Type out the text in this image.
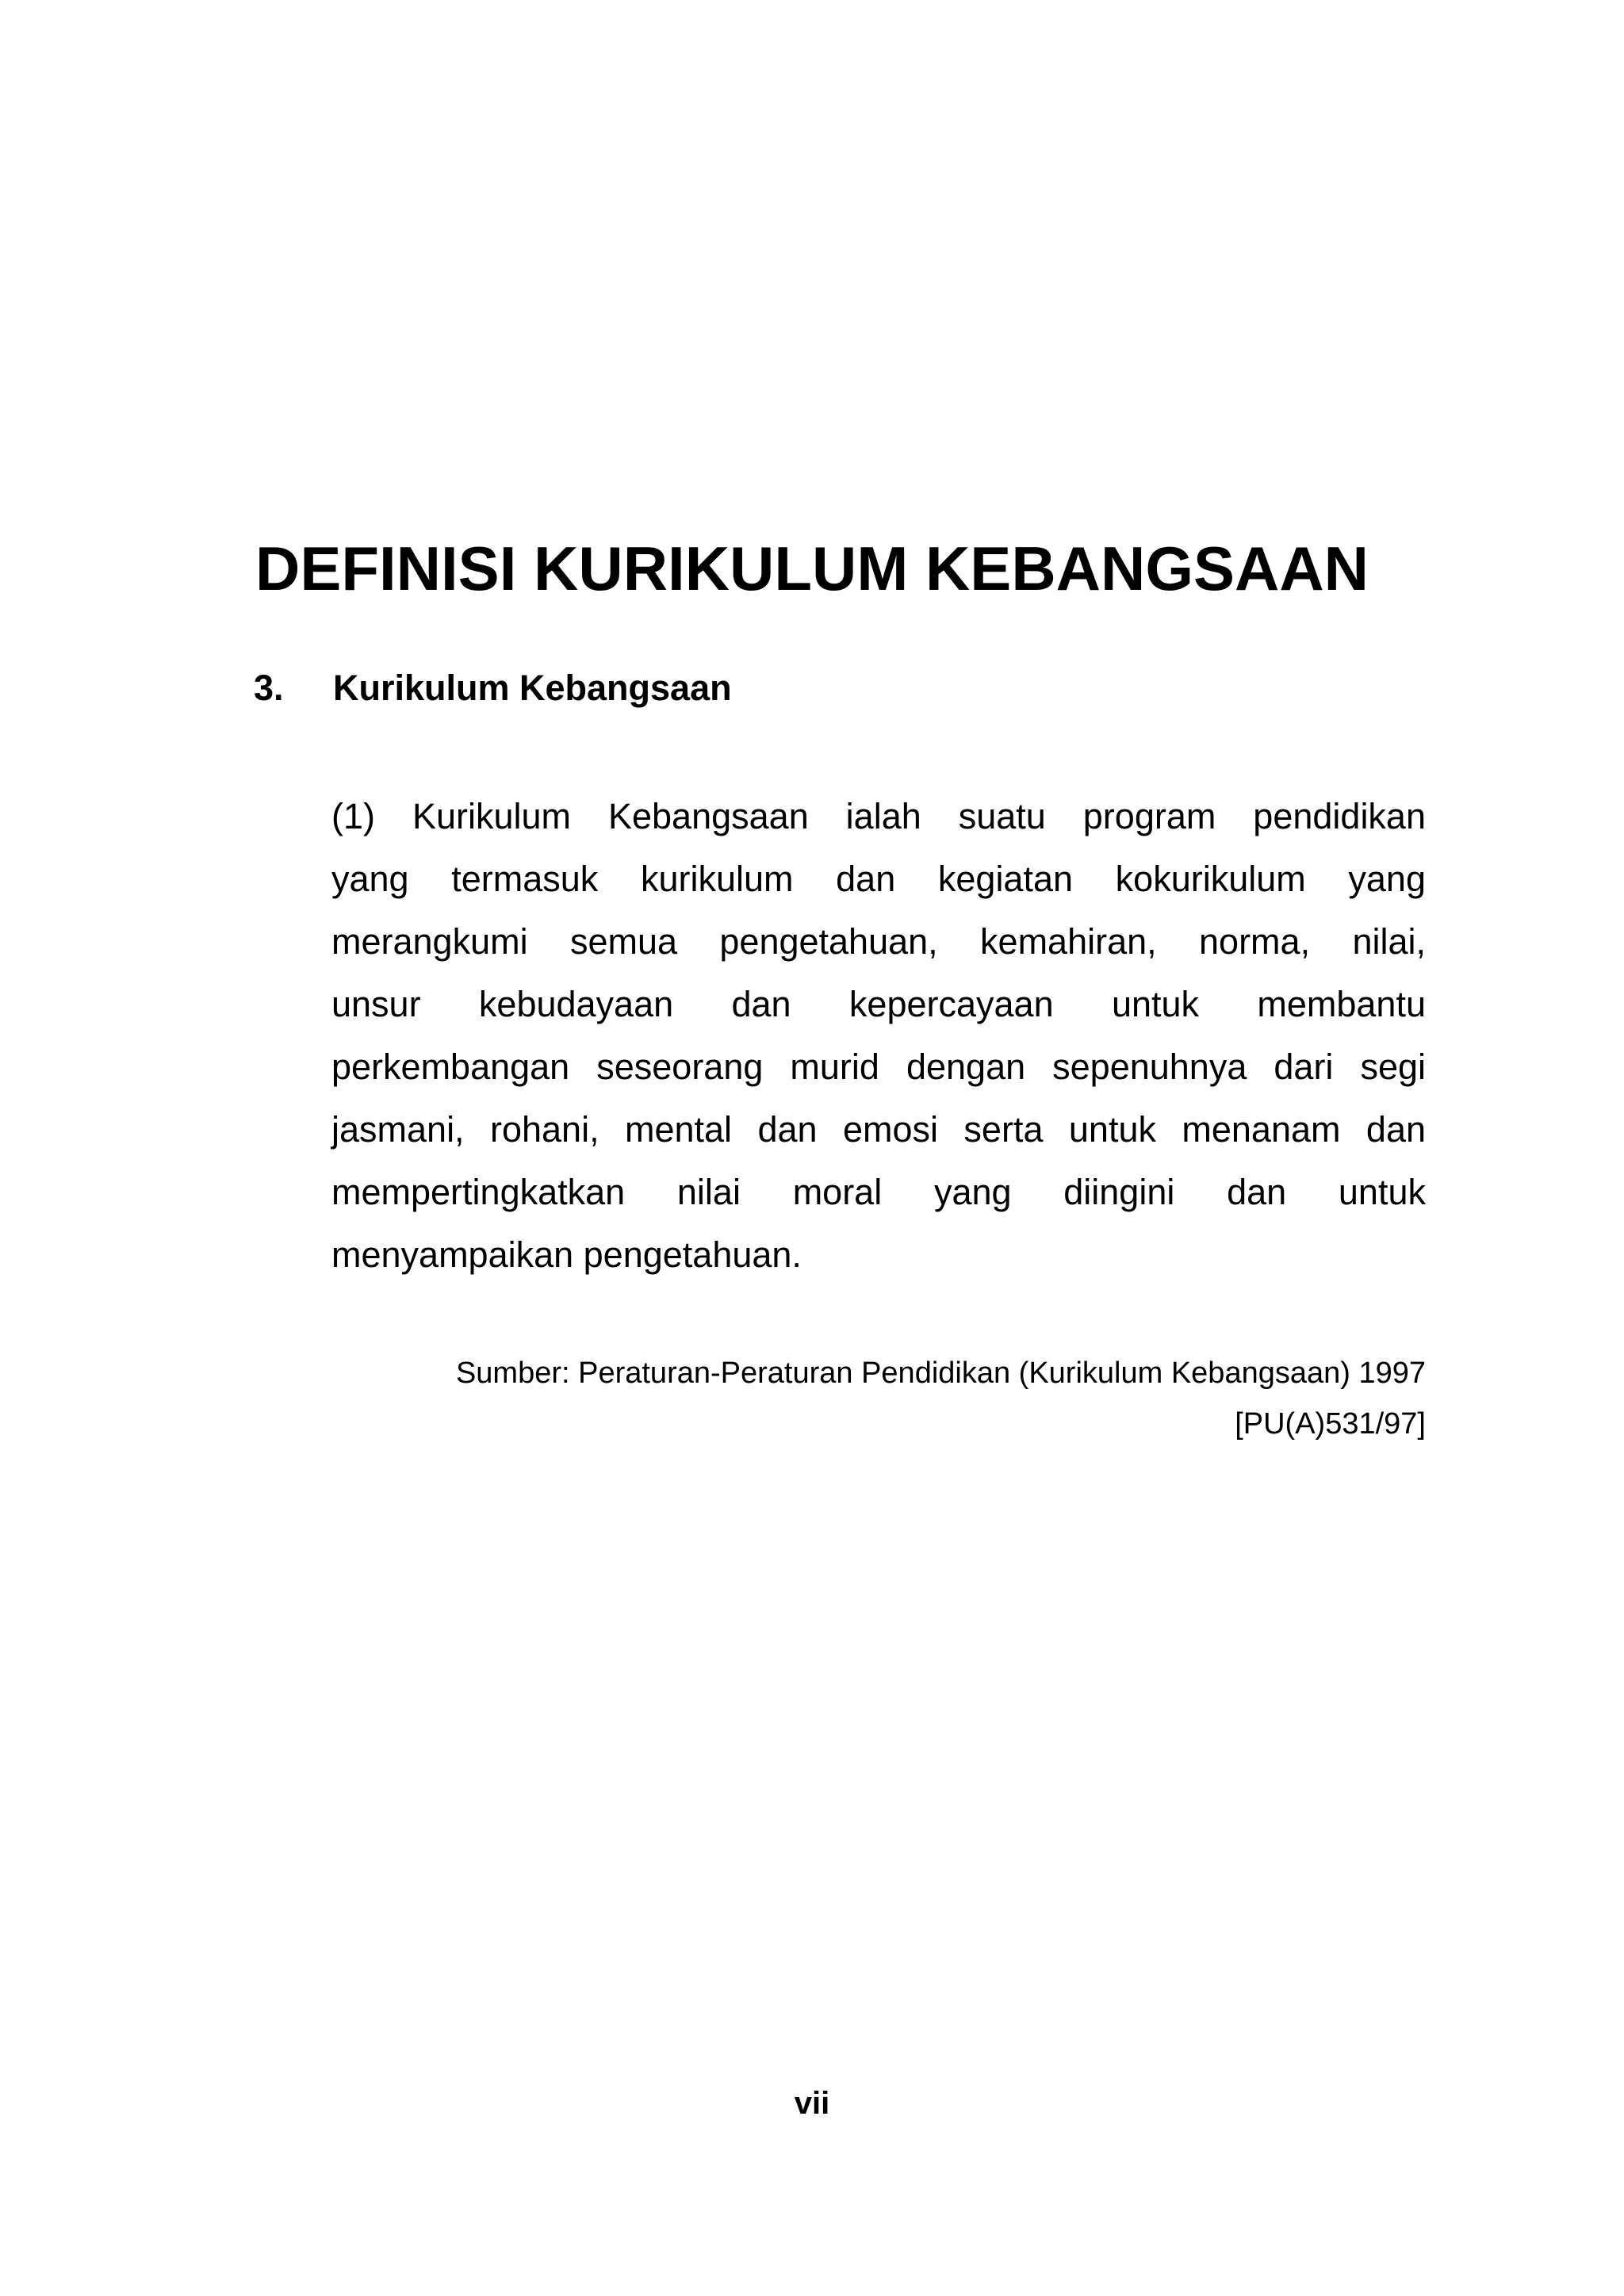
DEFINISI KURIKULUM KEBANGSAAN
3.	Kurikulum Kebangsaan
(1) Kurikulum Kebangsaan ialah suatu program pendidikan
yang termasuk kurikulum dan kegiatan kokurikulum yang
merangkumi semua pengetahuan, kemahiran, norma, nilai,
unsur kebudayaan dan kepercayaan untuk membantu
perkembangan seseorang murid dengan sepenuhnya dari segi
jasmani, rohani, mental dan emosi serta untuk menanam dan
mempertingkatkan nilai moral yang diingini dan untuk
menyampaikan pengetahuan.
Sumber: Peraturan-Peraturan Pendidikan (Kurikulum Kebangsaan) 1997
[PU(A)531/97]
vii
